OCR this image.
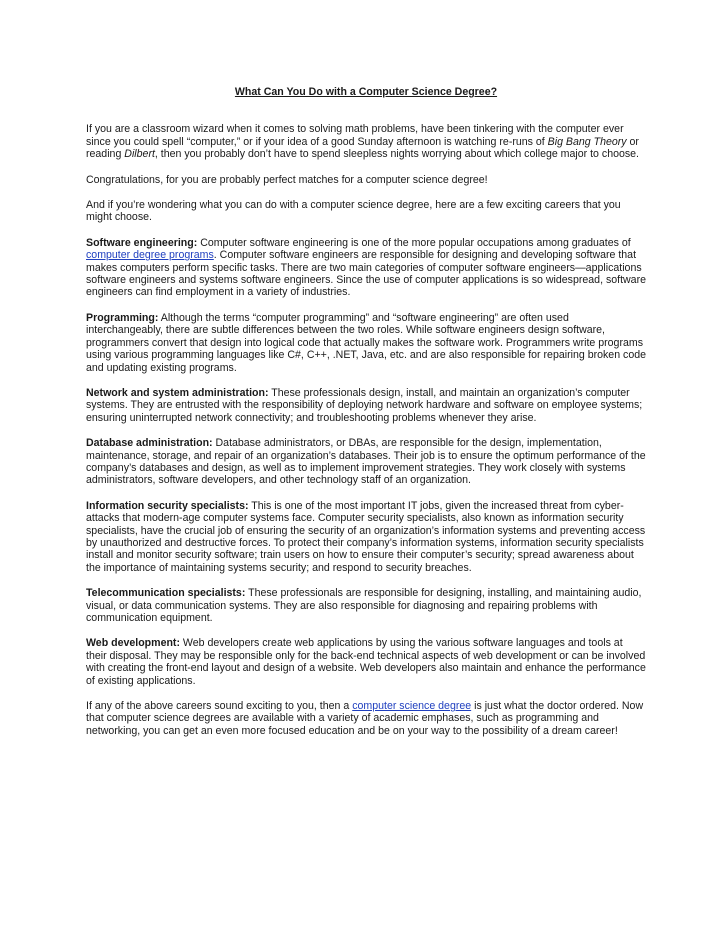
What Can You Do with a Computer Science Degree?

If you are a classroom wizard when it comes to solving math problems, have been tinkering with the computer ever since you could spell “computer,” or if your idea of a good Sunday afternoon is watching re-runs of Big Bang Theory or reading Dilbert, then you probably don’t have to spend sleepless nights worrying about which college major to choose.

Congratulations, for you are probably perfect matches for a computer science degree!

And if you’re wondering what you can do with a computer science degree, here are a few exciting careers that you might choose.

Software engineering: Computer software engineering is one of the more popular occupations among graduates of computer degree programs. Computer software engineers are responsible for designing and developing software that makes computers perform specific tasks. There are two main categories of computer software engineers—applications software engineers and systems software engineers. Since the use of computer applications is so widespread, software engineers can find employment in a variety of industries.

Programming: Although the terms “computer programming” and “software engineering” are often used interchangeably, there are subtle differences between the two roles. While software engineers design software, programmers convert that design into logical code that actually makes the software work. Programmers write programs using various programming languages like C#, C++, .NET, Java, etc. and are also responsible for repairing broken code and updating existing programs.

Network and system administration: These professionals design, install, and maintain an organization’s computer systems. They are entrusted with the responsibility of deploying network hardware and software on employee systems; ensuring uninterrupted network connectivity; and troubleshooting problems whenever they arise.

Database administration: Database administrators, or DBAs, are responsible for the design, implementation, maintenance, storage, and repair of an organization’s databases. Their job is to ensure the optimum performance of the company’s databases and design, as well as to implement improvement strategies. They work closely with systems administrators, software developers, and other technology staff of an organization.

Information security specialists: This is one of the most important IT jobs, given the increased threat from cyber-attacks that modern-age computer systems face. Computer security specialists, also known as information security specialists, have the crucial job of ensuring the security of an organization’s information systems and preventing access by unauthorized and destructive forces. To protect their company’s information systems, information security specialists install and monitor security software; train users on how to ensure their computer’s security; spread awareness about the importance of maintaining systems security; and respond to security breaches.

Telecommunication specialists: These professionals are responsible for designing, installing, and maintaining audio, visual, or data communication systems. They are also responsible for diagnosing and repairing problems with communication equipment.

Web development: Web developers create web applications by using the various software languages and tools at their disposal. They may be responsible only for the back-end technical aspects of web development or can be involved with creating the front-end layout and design of a website. Web developers also maintain and enhance the performance of existing applications.

If any of the above careers sound exciting to you, then a computer science degree is just what the doctor ordered. Now that computer science degrees are available with a variety of academic emphases, such as programming and networking, you can get an even more focused education and be on your way to the possibility of a dream career!
